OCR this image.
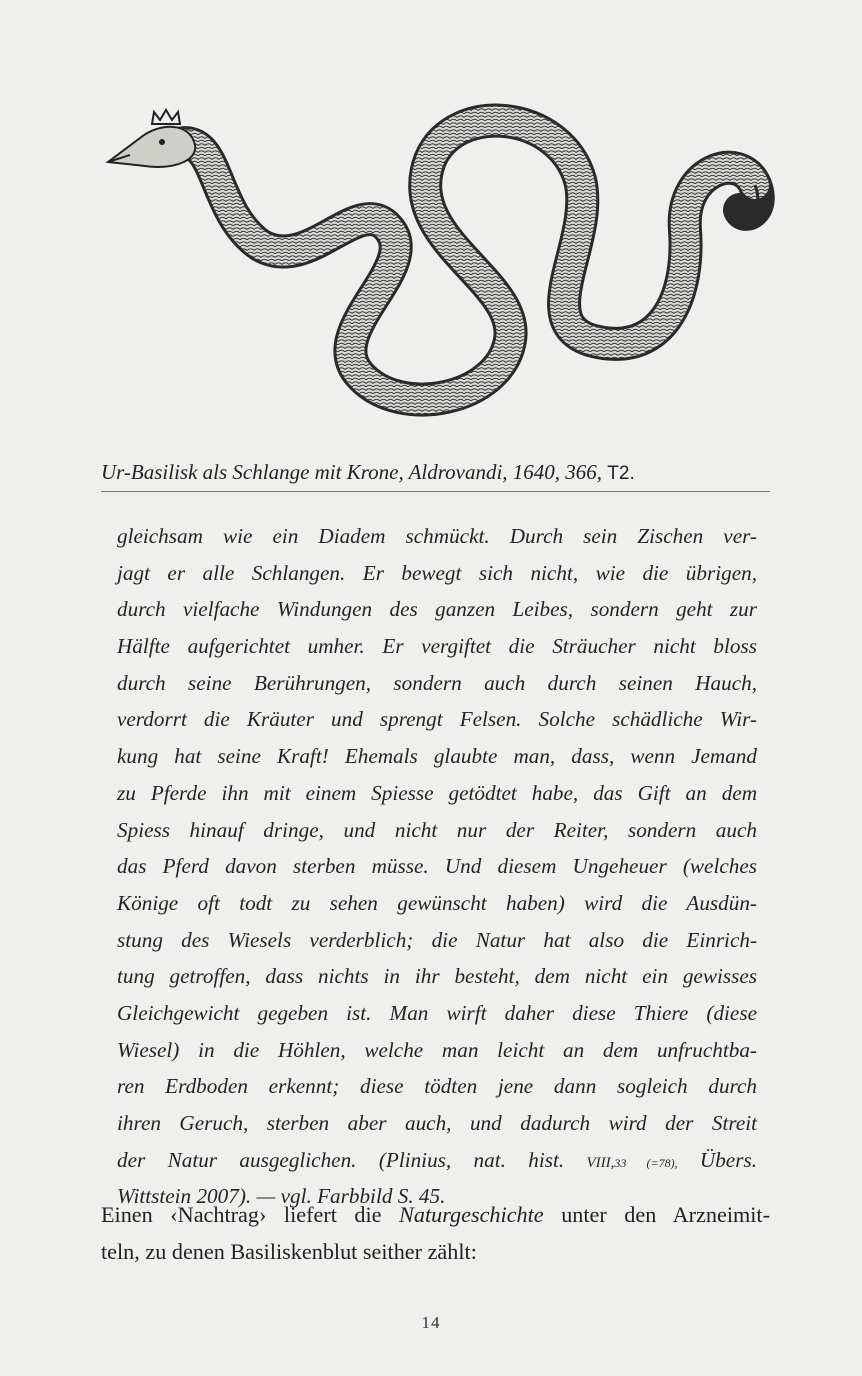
Ur-Basilisk als Schlange mit Krone, Aldrovandi, 1640, 366, T2.
gleichsam wie ein Diadem schmückt. Durch sein Zischen ver-
jagt er alle Schlangen. Er bewegt sich nicht, wie die übrigen,
durch vielfache Windungen des ganzen Leibes, sondern geht zur
Hälfte aufgerichtet umher. Er vergiftet die Sträucher nicht bloss
durch seine Berührungen, sondern auch durch seinen Hauch,
verdorrt die Kräuter und sprengt Felsen. Solche schädliche Wir-
kung hat seine Kraft! Ehemals glaubte man, dass, wenn Jemand
zu Pferde ihn mit einem Spiesse getödtet habe, das Gift an dem
Spiess hinauf dringe, und nicht nur der Reiter, sondern auch
das Pferd davon sterben müsse. Und diesem Ungeheuer (welches
Könige oft todt zu sehen gewünscht haben) wird die Ausdün-
stung des Wiesels verderblich; die Natur hat also die Einrich-
tung getroffen, dass nichts in ihr besteht, dem nicht ein gewisses
Gleichgewicht gegeben ist. Man wirft daher diese Thiere (diese
Wiesel) in die Höhlen, welche man leicht an dem unfruchtba-
ren Erdboden erkennt; diese tödten jene dann sogleich durch
ihren Geruch, sterben aber auch, und dadurch wird der Streit
der Natur ausgeglichen. (Plinius, nat. hist. VIII,33 (=78), Übers.
Wittstein 2007). — vgl. Farbbild S. 45.
Einen ‹Nachtrag› liefert die Naturgeschichte unter den Arzneimit-
teln, zu denen Basiliskenblut seither zählt:
14
